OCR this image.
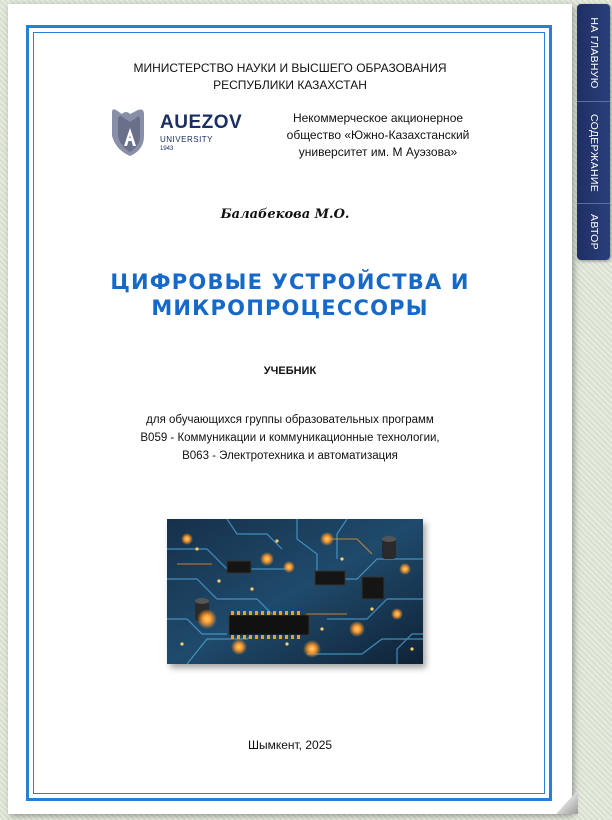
МИНИСТЕРСТВО НАУКИ И ВЫСШЕГО ОБРАЗОВАНИЯ
РЕСПУБЛИКИ КАЗАХСТАН
AUEZOV
UNIVERSITY
1943
Некоммерческое акционерное
общество «Южно-Казахстанский
университет им. М Ауэзова»
Балабекова М.О.
ЦИФРОВЫЕ УСТРОЙСТВА И
МИКРОПРОЦЕССОРЫ
УЧЕБНИК
для обучающихся группы образовательных программ
В059 - Коммуникации и коммуникационные технологии,
В063 - Электротехника и автоматизация
Шымкент, 2025
НА ГЛАВНУЮ
СОДЕРЖАНИЕ
АВТОР
